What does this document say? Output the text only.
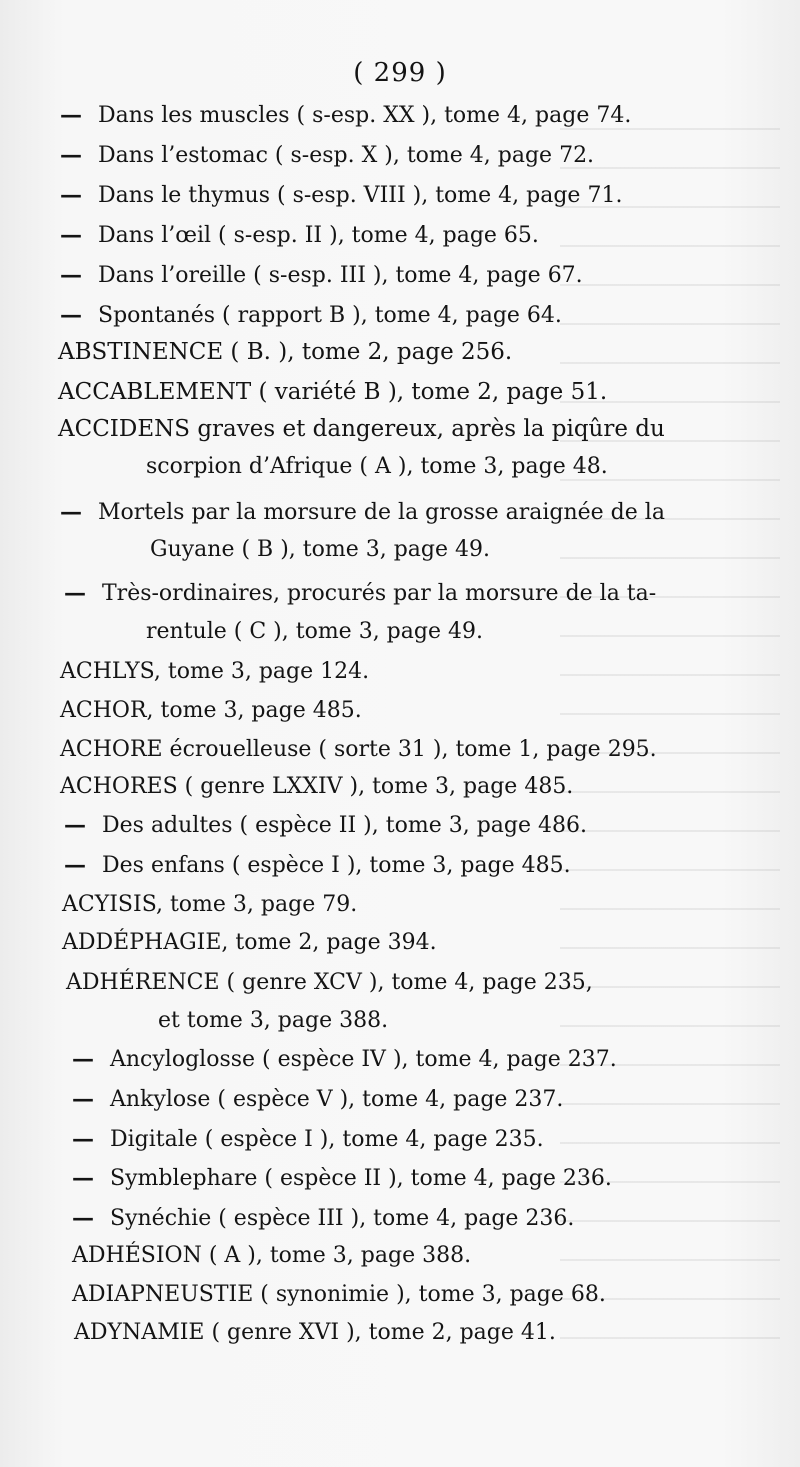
( 299 )
— Dans les muscles ( s-esp. XX ), tome 4, page 74.
— Dans l’estomac ( s-esp. X ), tome 4, page 72.
— Dans le thymus ( s-esp. VIII ), tome 4, page 71.
— Dans l’œil ( s-esp. II ), tome 4, page 65.
— Dans l’oreille ( s-esp. III ), tome 4, page 67.
— Spontanés ( rapport B ), tome 4, page 64.
ABSTINENCE ( B. ), tome 2, page 256.
ACCABLEMENT ( variété B ), tome 2, page 51.
ACCIDENS graves et dangereux, après la piqûre du
scorpion d’Afrique ( A ), tome 3, page 48.
— Mortels par la morsure de la grosse araignée de la
Guyane ( B ), tome 3, page 49.
— Très-ordinaires, procurés par la morsure de la ta-
rentule ( C ), tome 3, page 49.
ACHLYS, tome 3, page 124.
ACHOR, tome 3, page 485.
ACHORE écrouelleuse ( sorte 31 ), tome 1, page 295.
ACHORES ( genre LXXIV ), tome 3, page 485.
— Des adultes ( espèce II ), tome 3, page 486.
— Des enfans ( espèce I ), tome 3, page 485.
ACYISIS, tome 3, page 79.
ADDÉPHAGIE, tome 2, page 394.
ADHÉRENCE ( genre XCV ), tome 4, page 235,
et tome 3, page 388.
— Ancyloglosse ( espèce IV ), tome 4, page 237.
— Ankylose ( espèce V ), tome 4, page 237.
— Digitale ( espèce I ), tome 4, page 235.
— Symblephare ( espèce II ), tome 4, page 236.
— Synéchie ( espèce III ), tome 4, page 236.
ADHÉSION ( A ), tome 3, page 388.
ADIAPNEUSTIE ( synonimie ), tome 3, page 68.
ADYNAMIE ( genre XVI ), tome 2, page 41.
